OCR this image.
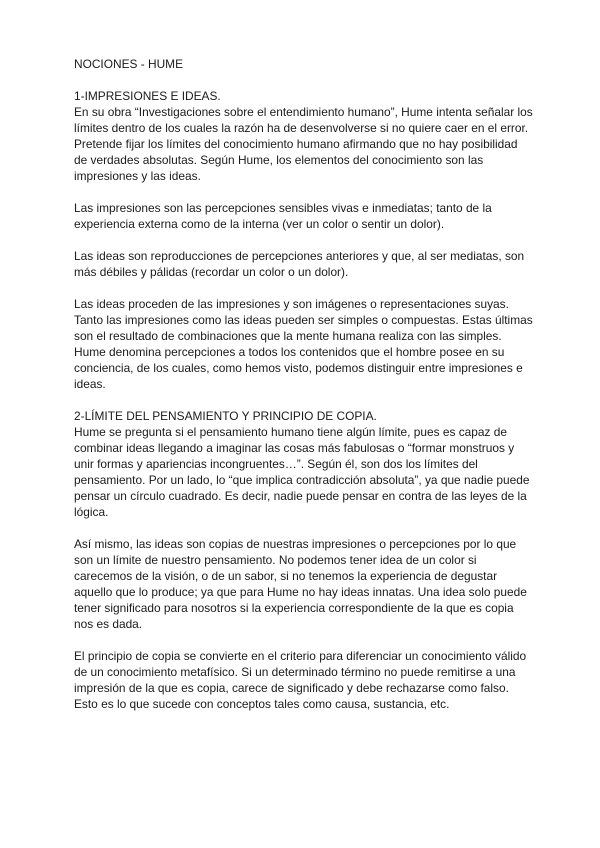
NOCIONES - HUME
1-IMPRESIONES E IDEAS.

En su obra “Investigaciones sobre el entendimiento humano”, Hume intenta señalar los límites dentro de los cuales la razón ha de desenvolverse si no quiere caer en el error. Pretende fijar los límites del conocimiento humano afirmando que no hay posibilidad de verdades absolutas. Según Hume, los elementos del conocimiento son las impresiones y las ideas.

Las impresiones son las percepciones sensibles vivas e inmediatas; tanto de la experiencia externa como de la interna (ver un color o sentir un dolor).

Las ideas son reproducciones de percepciones anteriores y que, al ser mediatas, son más débiles y pálidas (recordar un color o un dolor).

Las ideas proceden de las impresiones y son imágenes o representaciones suyas. Tanto las impresiones como las ideas pueden ser simples o compuestas. Estas últimas son el resultado de combinaciones que la mente humana realiza con las simples. Hume denomina percepciones a todos los contenidos que el hombre posee en su conciencia, de los cuales, como hemos visto, podemos distinguir entre impresiones e ideas.

2-LÍMITE DEL PENSAMIENTO Y PRINCIPIO DE COPIA.

Hume se pregunta si el pensamiento humano tiene algún límite, pues es capaz de combinar ideas llegando a imaginar las cosas más fabulosas o “formar monstruos y unir formas y apariencias incongruentes…”. Según él, son dos los límites del pensamiento. Por un lado, lo “que implica contradicción absoluta”, ya que nadie puede pensar un círculo cuadrado. Es decir, nadie puede pensar en contra de las leyes de la lógica.

Así mismo, las ideas son copias de nuestras impresiones o percepciones por lo que son un límite de nuestro pensamiento. No podemos tener idea de un color si carecemos de la visión, o de un sabor, si no tenemos la experiencia de degustar aquello que lo produce; ya que para Hume no hay ideas innatas. Una idea solo puede tener significado para nosotros si la experiencia correspondiente de la que es copia nos es dada.

El principio de copia se convierte en el criterio para diferenciar un conocimiento válido de un conocimiento metafísico. Si un determinado término no puede remitirse a una impresión de la que es copia, carece de significado y debe rechazarse como falso. Esto es lo que sucede con conceptos tales como causa, sustancia, etc.
